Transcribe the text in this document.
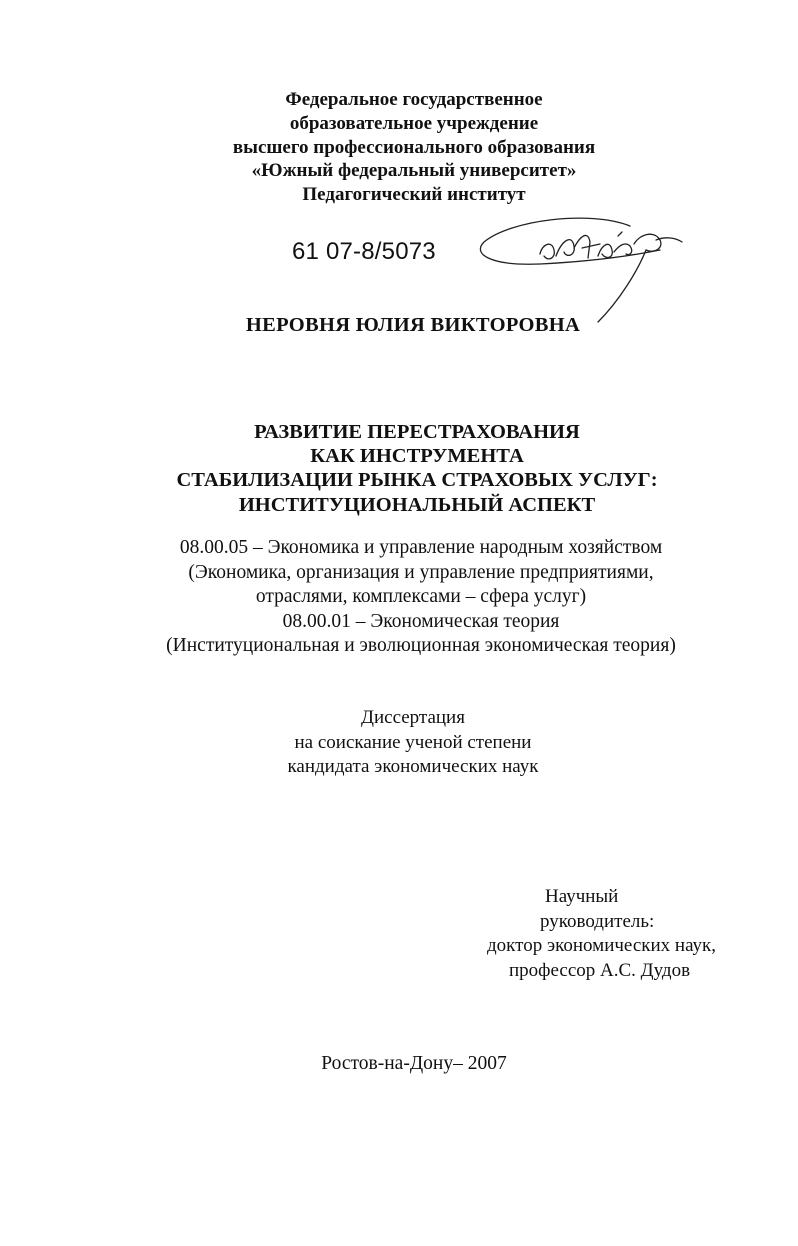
Федеральное государственное
образовательное учреждение
высшего профессионального образования
«Южный федеральный университет»
Педагогический институт
61 07-8/5073
НЕРОВНЯ ЮЛИЯ ВИКТОРОВНА
РАЗВИТИЕ ПЕРЕСТРАХОВАНИЯ
КАК ИНСТРУМЕНТА
СТАБИЛИЗАЦИИ РЫНКА СТРАХОВЫХ УСЛУГ:
ИНСТИТУЦИОНАЛЬНЫЙ АСПЕКТ
08.00.05 – Экономика и управление народным хозяйством
(Экономика, организация и управление предприятиями,
отраслями, комплексами – сфера услуг)
08.00.01 – Экономическая теория
(Институциональная и эволюционная экономическая теория)
Диссертация
на соискание ученой степени
кандидата экономических наук
Научный
руководитель:
доктор экономических наук,
профессор А.С. Дудов
Ростов-на-Дону– 2007
